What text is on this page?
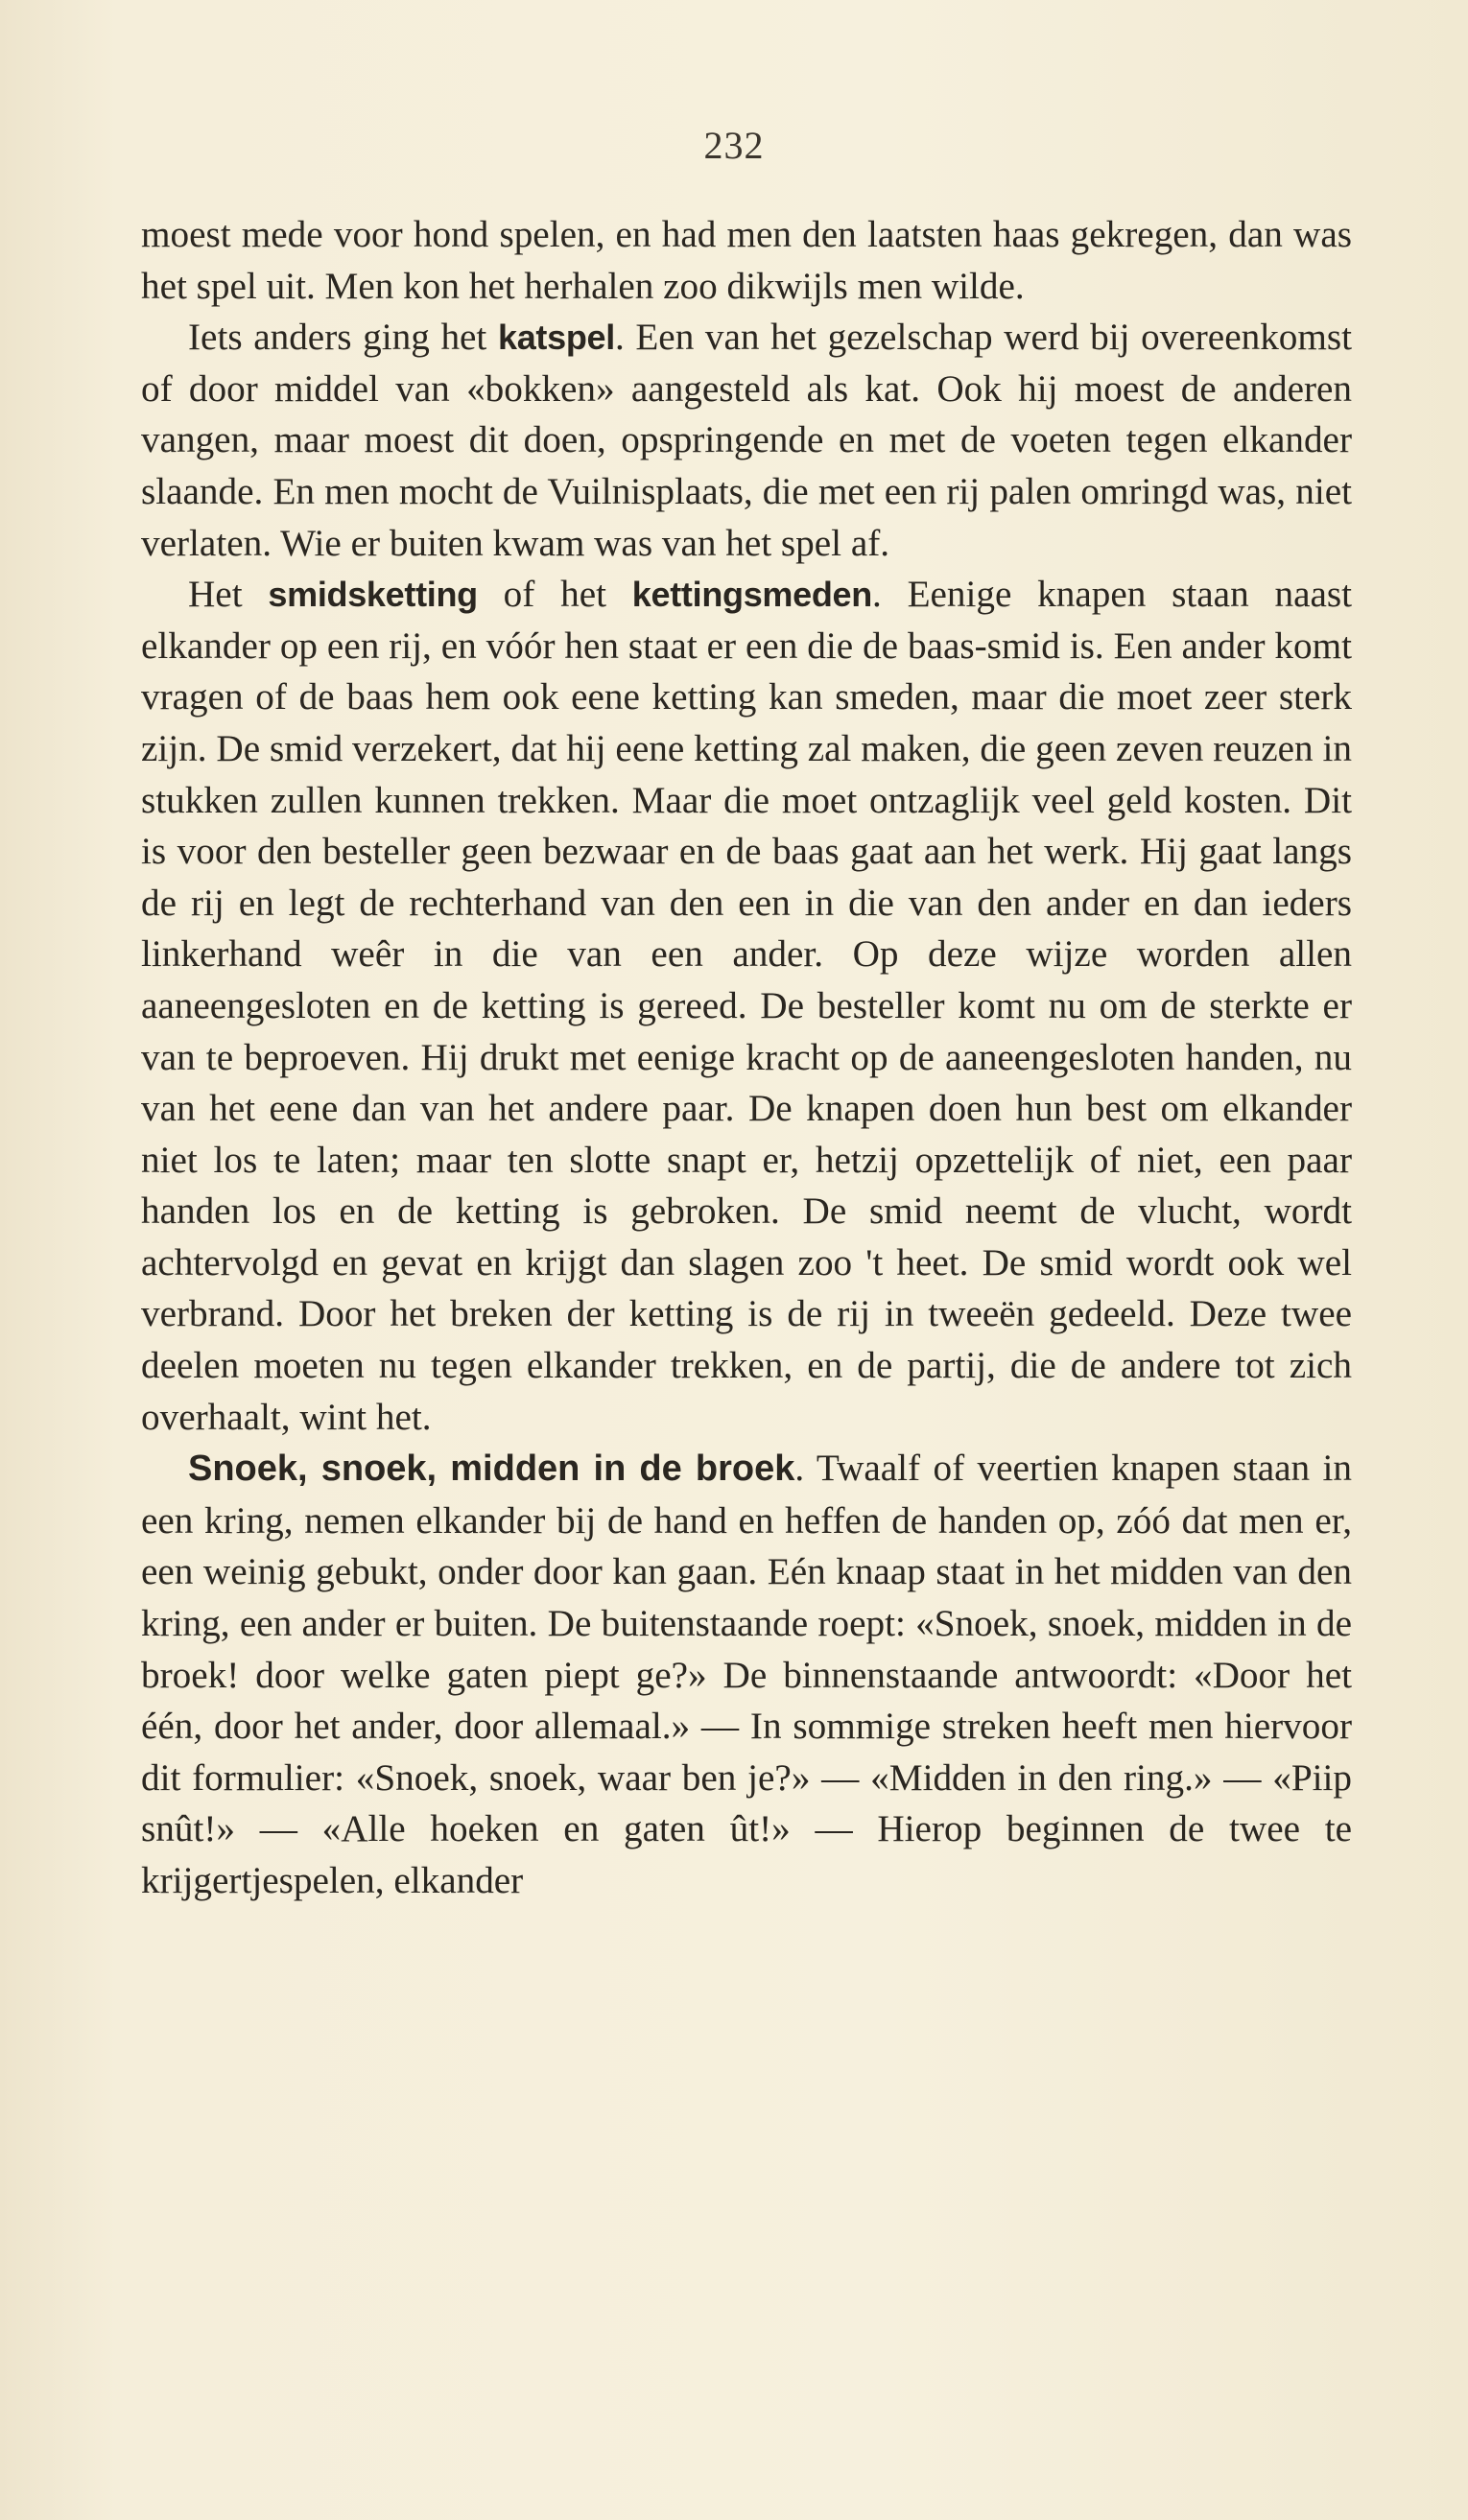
232

moest mede voor hond spelen, en had men den laatsten haas gekregen, dan was het spel uit. Men kon het herhalen zoo dikwijls men wilde.

Iets anders ging het katspel. Een van het gezelschap werd bij overeenkomst of door middel van «bokken» aangesteld als kat. Ook hij moest de anderen vangen, maar moest dit doen, opspringende en met de voeten tegen elkander slaande. En men mocht de Vuilnisplaats, die met een rij palen omringd was, niet verlaten. Wie er buiten kwam was van het spel af.

Het smidsketting of het kettingsmeden. Eenige knapen staan naast elkander op een rij, en vóór hen staat er een die de baas-smid is. Een ander komt vragen of de baas hem ook eene ketting kan smeden, maar die moet zeer sterk zijn. De smid verzekert, dat hij eene ketting zal maken, die geen zeven reuzen in stukken zullen kunnen trekken. Maar die moet ontzaglijk veel geld kosten. Dit is voor den besteller geen bezwaar en de baas gaat aan het werk. Hij gaat langs de rij en legt de rechterhand van den een in die van den ander en dan ieders linkerhand weêr in die van een ander. Op deze wijze worden allen aaneengesloten en de ketting is gereed. De besteller komt nu om de sterkte er van te beproeven. Hij drukt met eenige kracht op de aaneengesloten handen, nu van het eene dan van het andere paar. De knapen doen hun best om elkander niet los te laten; maar ten slotte snapt er, hetzij opzettelijk of niet, een paar handen los en de ketting is gebroken. De smid neemt de vlucht, wordt achtervolgd en gevat en krijgt dan slagen zoo 't heet. De smid wordt ook wel verbrand. Door het breken der ketting is de rij in tweeën gedeeld. Deze twee deelen moeten nu tegen elkander trekken, en de partij, die de andere tot zich overhaalt, wint het.

Snoek, snoek, midden in de broek. Twaalf of veertien knapen staan in een kring, nemen elkander bij de hand en heffen de handen op, zóó dat men er, een weinig gebukt, onder door kan gaan. Eén knaap staat in het midden van den kring, een ander er buiten. De buitenstaande roept: «Snoek, snoek, midden in de broek! door welke gaten piept ge?» De binnenstaande antwoordt: «Door het één, door het ander, door allemaal.» — In sommige streken heeft men hiervoor dit formulier: «Snoek, snoek, waar ben je?» — «Midden in den ring.» — «Piip snût!» — «Alle hoeken en gaten ût!» — Hierop beginnen de twee te krijgertjespelen, elkander
